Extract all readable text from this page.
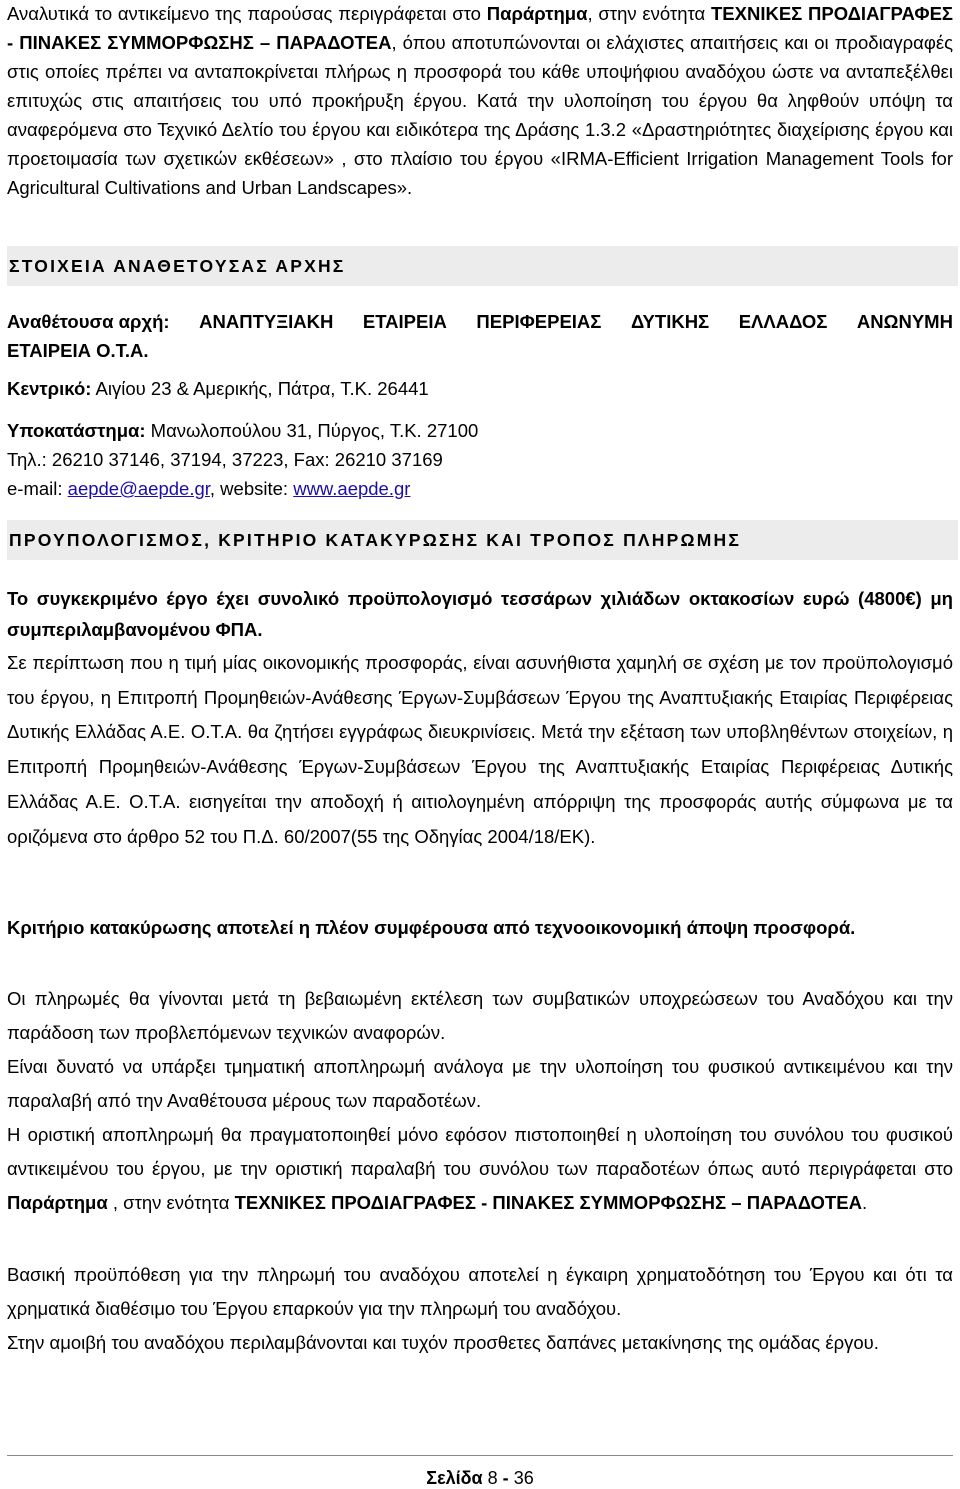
Αναλυτικά το αντικείμενο της παρούσας περιγράφεται στο Παράρτημα, στην ενότητα ΤΕΧΝΙΚΕΣ ΠΡΟΔΙΑΓΡΑΦΕΣ - ΠΙΝΑΚΕΣ ΣΥΜΜΟΡΦΩΣΗΣ – ΠΑΡΑΔΟΤΕΑ, όπου αποτυπώνονται οι ελάχιστες απαιτήσεις και οι προδιαγραφές στις οποίες πρέπει να ανταποκρίνεται πλήρως η προσφορά του κάθε υποψήφιου αναδόχου ώστε να ανταπεξέλθει επιτυχώς στις απαιτήσεις του υπό προκήρυξη έργου. Κατά την υλοποίηση του έργου θα ληφθούν υπόψη τα αναφερόμενα στο Τεχνικό Δελτίο του έργου και ειδικότερα της Δράσης 1.3.2 «Δραστηριότητες διαχείρισης έργου και προετοιμασία των σχετικών εκθέσεων» , στο πλαίσιο του έργου «IRMA-Efficient Irrigation Management Tools for Agricultural Cultivations and Urban Landscapes».

ΣΤΟΙΧΕΙΑ ΑΝΑΘΕΤΟΥΣΑΣ ΑΡΧΗΣ
Αναθέτουσα αρχή: ΑΝΑΠΤΥΞΙΑΚΗ ΕΤΑΙΡΕΙΑ ΠΕΡΙΦΕΡΕΙΑΣ ΔΥΤΙΚΗΣ ΕΛΛΑΔΟΣ ΑΝΩΝΥΜΗ
ΕΤΑΙΡΕΙΑ Ο.Τ.Α.
Κεντρικό: Αιγίου 23 & Αμερικής, Πάτρα, Τ.Κ. 26441
Υποκατάστημα: Μανωλοπούλου 31, Πύργος, Τ.Κ. 27100
Τηλ.: 26210 37146, 37194, 37223, Fax: 26210 37169
e-mail: aepde@aepde.gr, website: www.aepde.gr
ΠΡΟΥΠΟΛΟΓΙΣΜΟΣ, ΚΡΙΤΗΡΙΟ ΚΑΤΑΚΥΡΩΣΗΣ ΚΑΙ ΤΡΟΠΟΣ ΠΛΗΡΩΜΗΣ

Το συγκεκριμένο έργο έχει συνολικό προϋπολογισμό τεσσάρων χιλιάδων οκτακοσίων ευρώ (4800€) μη συμπεριλαμβανομένου ΦΠΑ.

Σε περίπτωση που η τιμή μίας οικονομικής προσφοράς, είναι ασυνήθιστα χαμηλή σε σχέση με τον προϋπολογισμό του έργου, η Επιτροπή Προμηθειών-Ανάθεσης Έργων-Συμβάσεων Έργου της Αναπτυξιακής Εταιρίας Περιφέρειας Δυτικής Ελλάδας Α.Ε. Ο.Τ.Α. θα ζητήσει εγγράφως διευκρινίσεις. Μετά την εξέταση των υποβληθέντων στοιχείων, η Επιτροπή Προμηθειών-Ανάθεσης Έργων-Συμβάσεων Έργου της Αναπτυξιακής Εταιρίας Περιφέρειας Δυτικής Ελλάδας Α.Ε. Ο.Τ.Α. εισηγείται την αποδοχή ή αιτιολογημένη απόρριψη της προσφοράς αυτής σύμφωνα με τα οριζόμενα στο άρθρο 52 του Π.Δ. 60/2007(55 της Οδηγίας 2004/18/ΕΚ).

Κριτήριο κατακύρωσης αποτελεί η πλέον συμφέρουσα από τεχνοοικονομική άποψη προσφορά.

Οι πληρωμές θα γίνονται μετά τη βεβαιωμένη εκτέλεση των συμβατικών υποχρεώσεων του Αναδόχου και την παράδοση των προβλεπόμενων τεχνικών αναφορών.

Είναι δυνατό να υπάρξει τμηματική αποπληρωμή ανάλογα με την υλοποίηση του φυσικού αντικειμένου και την παραλαβή από την Αναθέτουσα μέρους των παραδοτέων.

Η οριστική αποπληρωμή θα πραγματοποιηθεί μόνο εφόσον πιστοποιηθεί η υλοποίηση του συνόλου του φυσικού αντικειμένου του έργου, με την οριστική παραλαβή του συνόλου των παραδοτέων όπως αυτό περιγράφεται στο Παράρτημα , στην ενότητα ΤΕΧΝΙΚΕΣ ΠΡΟΔΙΑΓΡΑΦΕΣ - ΠΙΝΑΚΕΣ ΣΥΜΜΟΡΦΩΣΗΣ – ΠΑΡΑΔΟΤΕΑ.

Βασική προϋπόθεση για την πληρωμή του αναδόχου αποτελεί η έγκαιρη χρηματοδότηση του Έργου και ότι τα χρηματικά διαθέσιμο του Έργου επαρκούν για την πληρωμή του αναδόχου.

Στην αμοιβή του αναδόχου περιλαμβάνονται και τυχόν προσθετες δαπάνες μετακίνησης της ομάδας έργου.

Σελίδα 8 - 36
